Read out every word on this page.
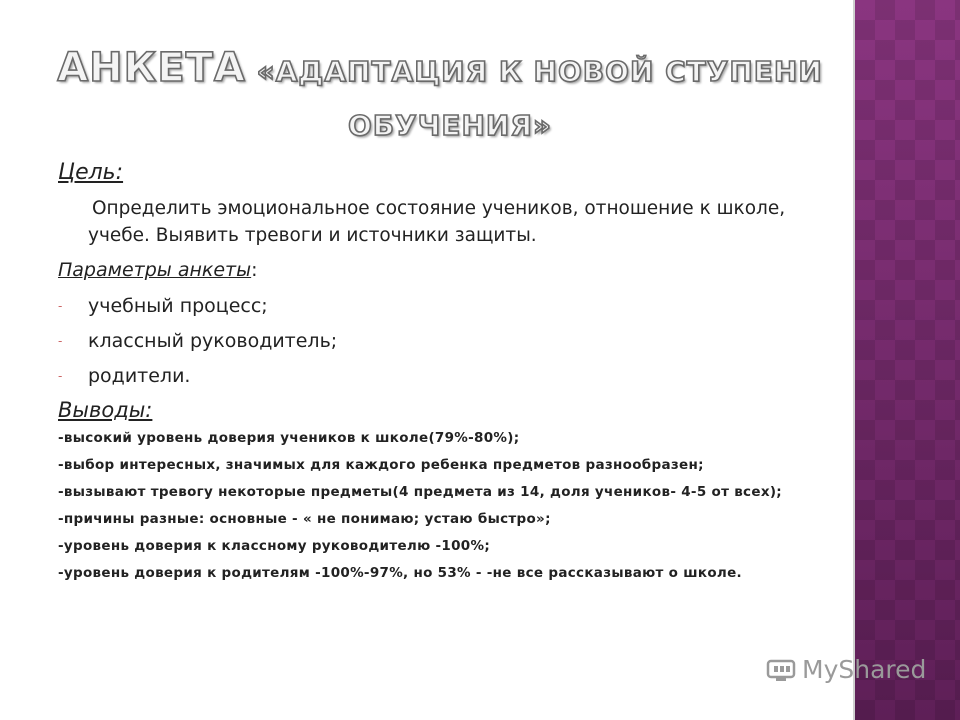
АНКЕТА «АДАПТАЦИЯ К НОВОЙ СТУПЕНИ
ОБУЧЕНИЯ»

Цель:

Определить эмоциональное состояние учеников, отношение к школе, учебе. Выявить тревоги и источники защиты.

Параметры анкеты:
- учебный процесс;
- классный руководитель;
- родители.
Выводы:
-высокий уровень доверия учеников к школе(79%-80%);
-выбор интересных, значимых для каждого ребенка предметов разнообразен;
-вызывают тревогу некоторые предметы(4 предмета из 14, доля учеников- 4-5 от всех);
-причины разные: основные - « не понимаю; устаю быстро»;
-уровень доверия к классному руководителю -100%;
-уровень доверия к родителям -100%-97%, но 53% - -не все рассказывают о школе.
MyShared
